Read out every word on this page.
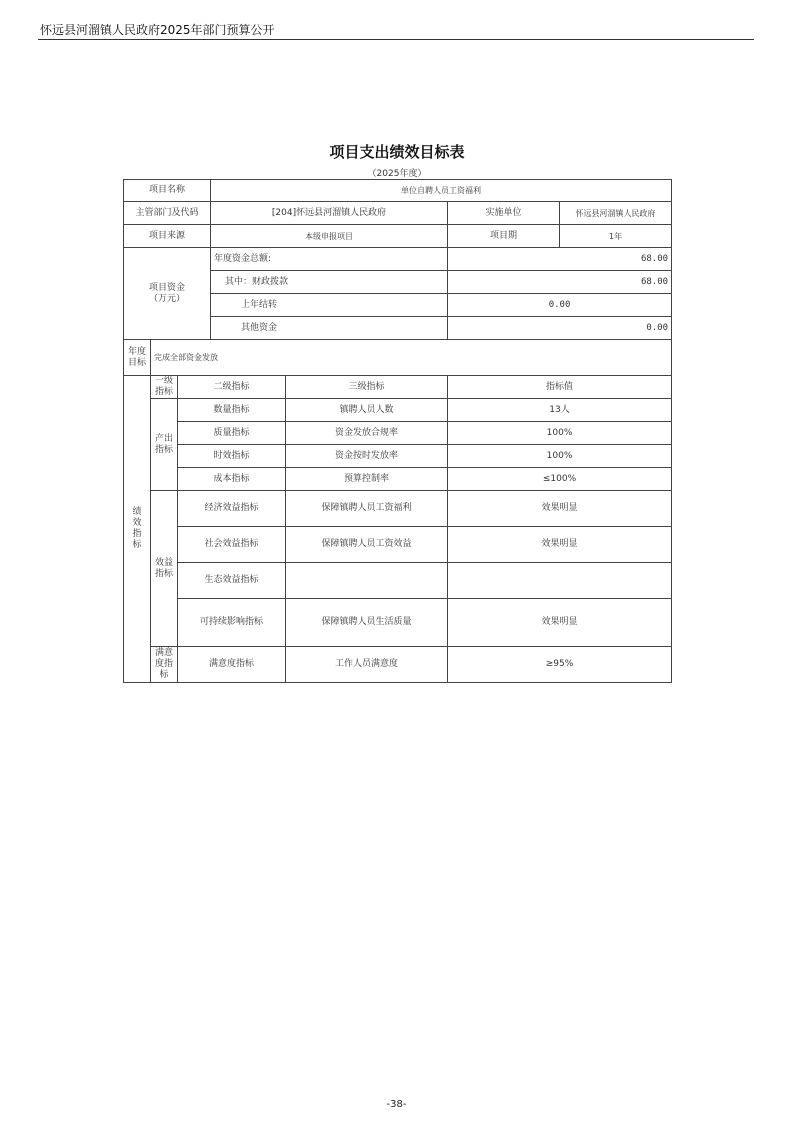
怀远县河溜镇人民政府2025年部门预算公开
项目支出绩效目标表
（2025年度）
项目名称			单位自聘人员工资福利			
主管部门及代码			[204]怀远县河溜镇人民政府		实施单位	怀远县河溜镇人民政府
项目来源			本级申报项目		项目期	1年
项目资金
（万元）			年度资金总额:		68.00	
			其中：财政拨款		68.00	
			上年结转		0.00	
			其他资金		0.00	
年度目标	完成全部资金发放					
绩效指标	一级指标	二级指标		三级指标	指标值	
	产出指标	数量指标		镇聘人员人数	13人	
		质量指标		资金发放合规率	100%	
		时效指标		资金按时发放率	100%	
		成本指标		预算控制率	≤100%	
	效益指标	经济效益指标		保障镇聘人员工资福利	效果明显	
		社会效益指标		保障镇聘人员工资效益	效果明显	
		生态效益指标				
		可持续影响指标		保障镇聘人员生活质量	效果明显	
	满意度指标	满意度指标		工作人员满意度	≥95%	
-38-
